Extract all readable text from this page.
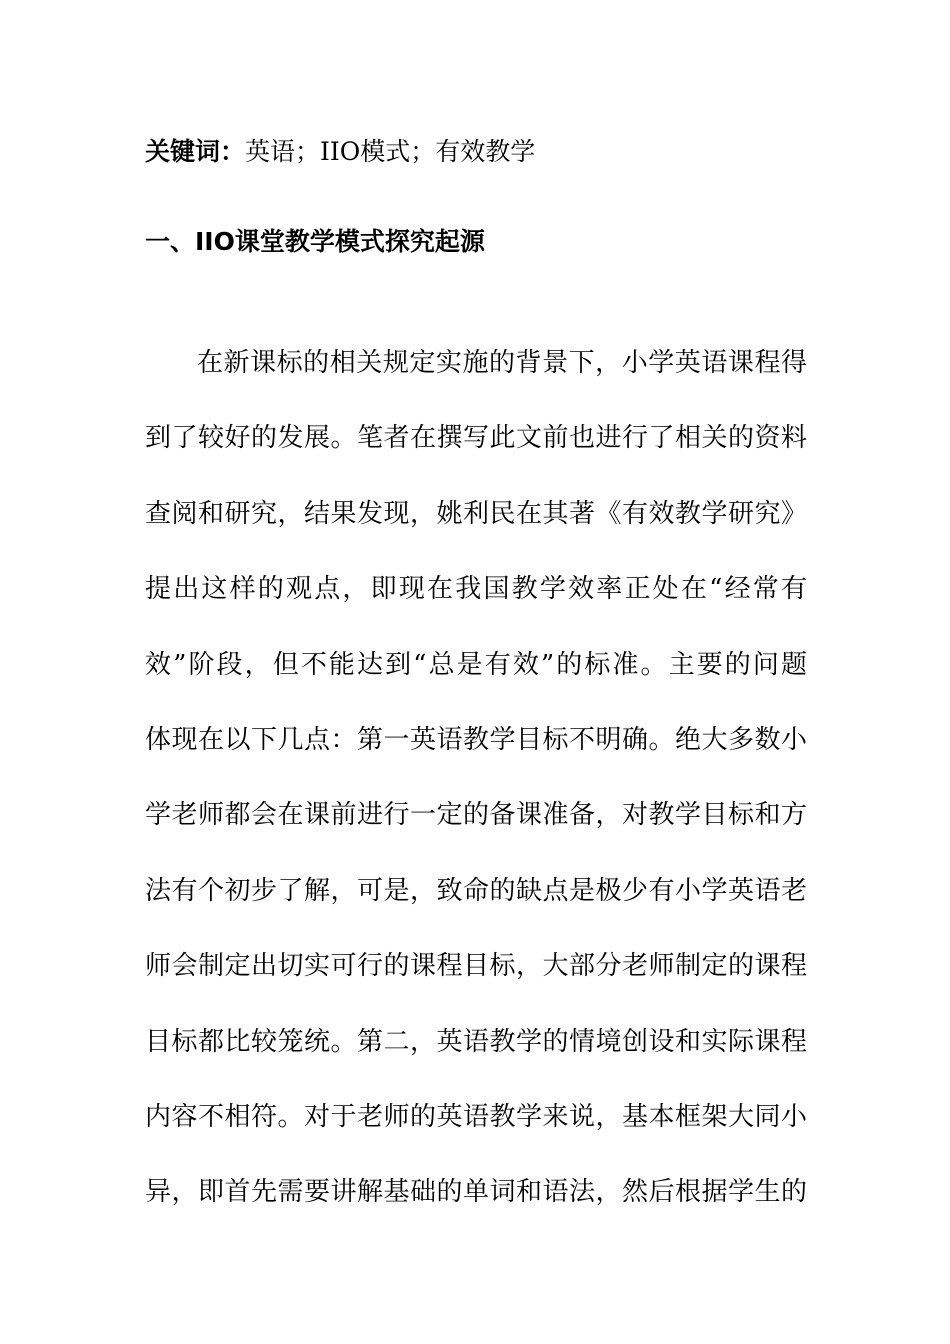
关键词：英语；IIO模式；有效教学
一、IIO课堂教学模式探究起源
在新课标的相关规定实施的背景下，小学英语课程得
到了较好的发展。笔者在撰写此文前也进行了相关的资料
查阅和研究，结果发现，姚利民在其著《有效教学研究》
提出这样的观点，即现在我国教学效率正处在“经常有
效”阶段，但不能达到“总是有效”的标准。主要的问题
体现在以下几点：第一英语教学目标不明确。绝大多数小
学老师都会在课前进行一定的备课准备，对教学目标和方
法有个初步了解，可是，致命的缺点是极少有小学英语老
师会制定出切实可行的课程目标，大部分老师制定的课程
目标都比较笼统。第二，英语教学的情境创设和实际课程
内容不相符。对于老师的英语教学来说，基本框架大同小
异，即首先需要讲解基础的单词和语法，然后根据学生的
